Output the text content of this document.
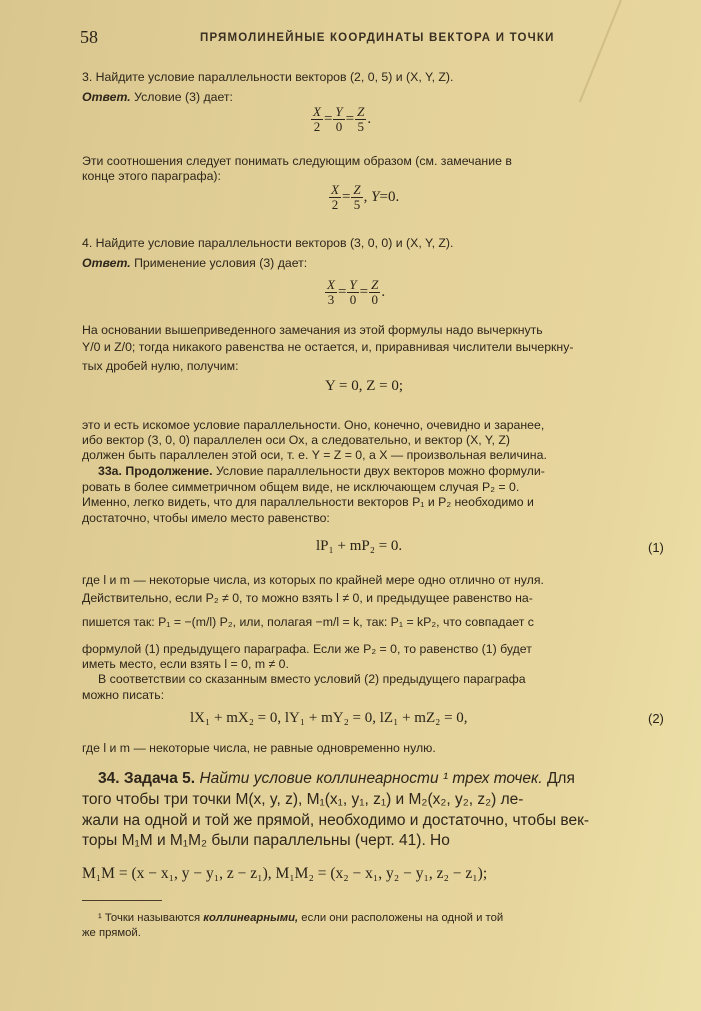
58	ПРЯМОЛИНЕЙНЫЕ КООРДИНАТЫ ВЕКТОРА И ТОЧКИ
3. Найдите условие параллельности векторов (2, 0, 5) и (X, Y, Z).
Ответ. Условие (3) дает:
$\frac{X}{2} = \frac{Y}{0} = \frac{Z}{5}$ .
Эти соотношения следует понимать следующим образом (см. замечание в
конце этого параграфа):
$\frac{X}{2} = \frac{Z}{5}$ , Y=0.
4. Найдите условие параллельности векторов (3, 0, 0) и (X, Y, Z).
Ответ. Применение условия (3) дает:
$\frac{X}{3} = \frac{Y}{0} = \frac{Z}{0}$ .
На основании вышеприведенного замечания из этой формулы надо вычеркнуть
Y/0 и Z/0; тогда никакого равенства не остается, и, приравнивая числители вычеркну-
тых дробей нулю, получим:
Y = 0, Z = 0;
это и есть искомое условие параллельности. Оно, конечно, очевидно и заранее,
ибо вектор (3, 0, 0) параллелен оси Ox, а следовательно, и вектор (X, Y, Z)
должен быть параллелен этой оси, т. е. Y = Z = 0, а X — произвольная величина.
33а. Продолжение. Условие параллельности двух векторов можно формули-
ровать в более симметричном общем виде, не исключающем случая P₂ = 0.
Именно, легко видеть, что для параллельности векторов P₁ и P₂ необходимо и
достаточно, чтобы имело место равенство:
lP₁ + mP₂ = 0.	(1)
где l и m — некоторые числа, из которых по крайней мере одно отлично от нуля.
Действительно, если P₂ ≠ 0, то можно взять l ≠ 0, и предыдущее равенство на-
пишется так: P₁ = −(m/l) P₂, или, полагая −m/l = k, так: P₁ = kP₂, что совпадает с
формулой (1) предыдущего параграфа. Если же P₂ = 0, то равенство (1) будет
иметь место, если взять l = 0, m ≠ 0.
В соответствии со сказанным вместо условий (2) предыдущего параграфа
можно писать:
lX₁ + mX₂ = 0, lY₁ + mY₂ = 0, lZ₁ + mZ₂ = 0,	(2)
где l и m — некоторые числа, не равные одновременно нулю.
34. Задача 5. Найти условие коллинеарности ¹ трех точек. Для
того чтобы три точки M(x, y, z), M₁(x₁, y₁, z₁) и M₂(x₂, y₂, z₂) ле-
жали на одной и той же прямой, необходимо и достаточно, чтобы век-
торы M₁M и M₁M₂ были параллельны (черт. 41). Но
M₁M = (x − x₁, y − y₁, z − z₁), M₁M₂ = (x₂ − x₁, y₂ − y₁, z₂ − z₁);
¹ Точки называются коллинеарными, если они расположены на одной и той
же прямой.
